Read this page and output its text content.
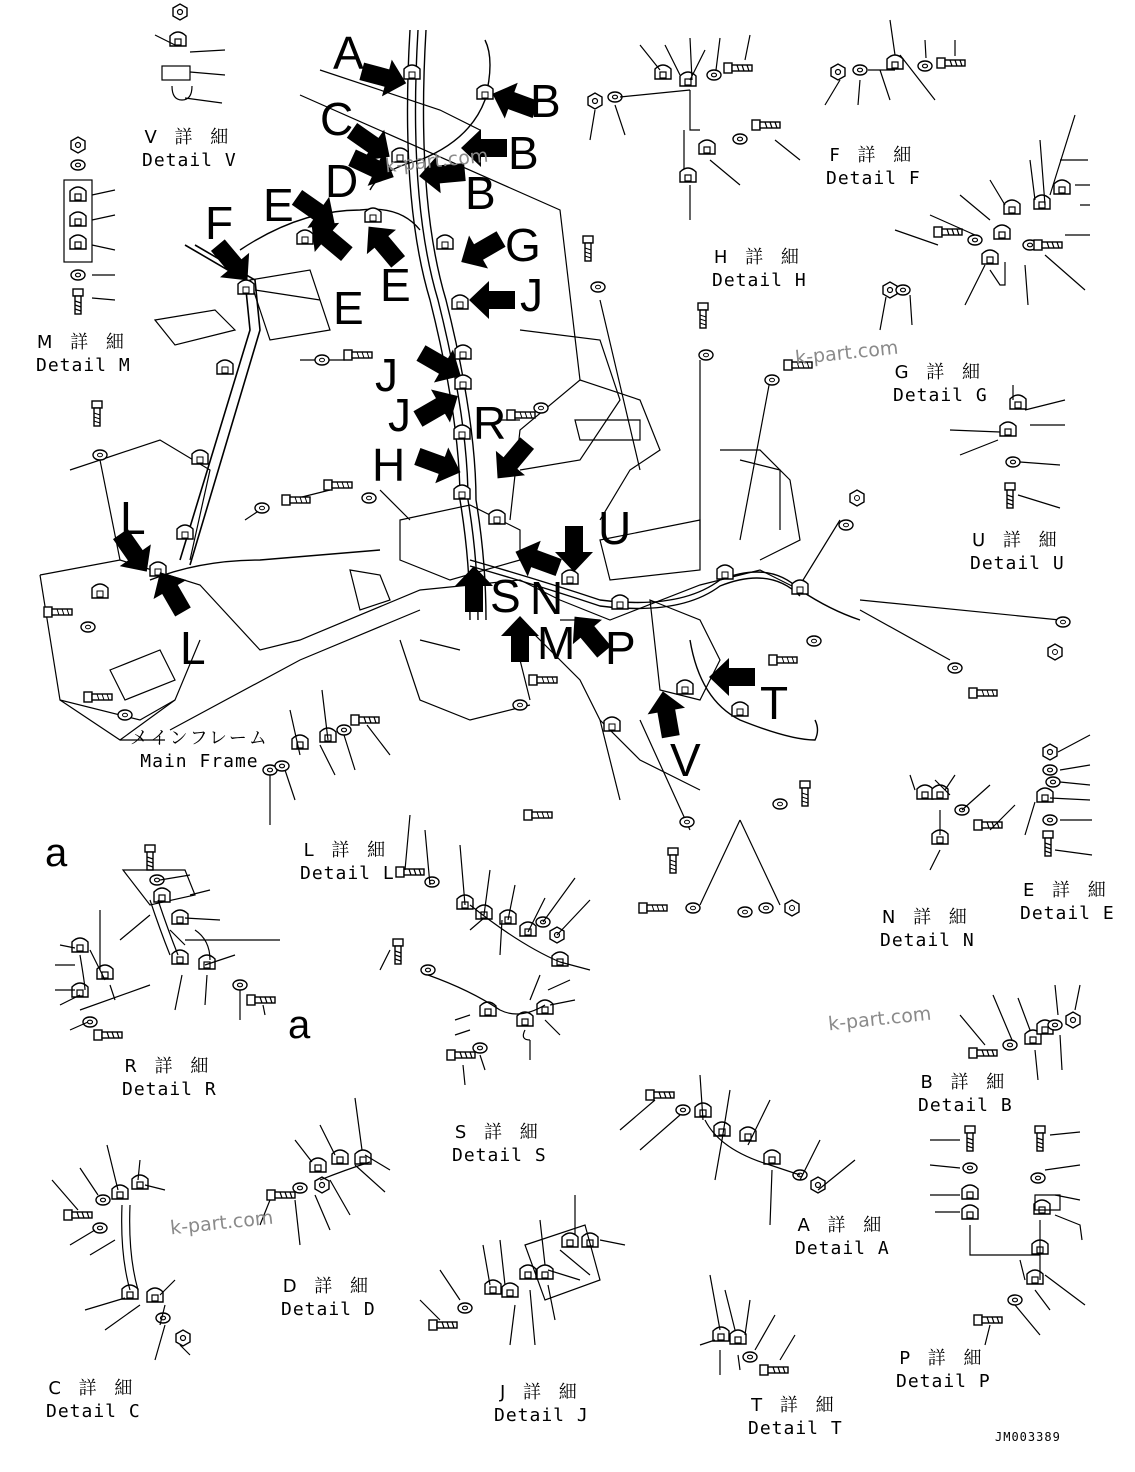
A
B
B
B
C
D
E
E
E
F	G
J
J
J R
H
L
L
U
S N
M P
T
V
a
a
V 詳 細
Detail V
M 詳 細
Detail M
F 詳 細
Detail F
H 詳 細
Detail H
G 詳 細
Detail G
U 詳 細
Detail U
メインフレーム
Main Frame
L 詳 細
Detail L
N 詳 細
Detail N
E 詳 細
Detail E
R 詳 細
Detail R
S 詳 細
Detail S
B 詳 細
Detail B
A 詳 細
Detail A
C 詳 細
Detail C
D 詳 細
Detail D
J 詳 細
Detail J	T 詳 細
Detail T
P 詳 細
Detail P
k-part.com
k-part.com
k-part.com
k-part.com
JM003389
